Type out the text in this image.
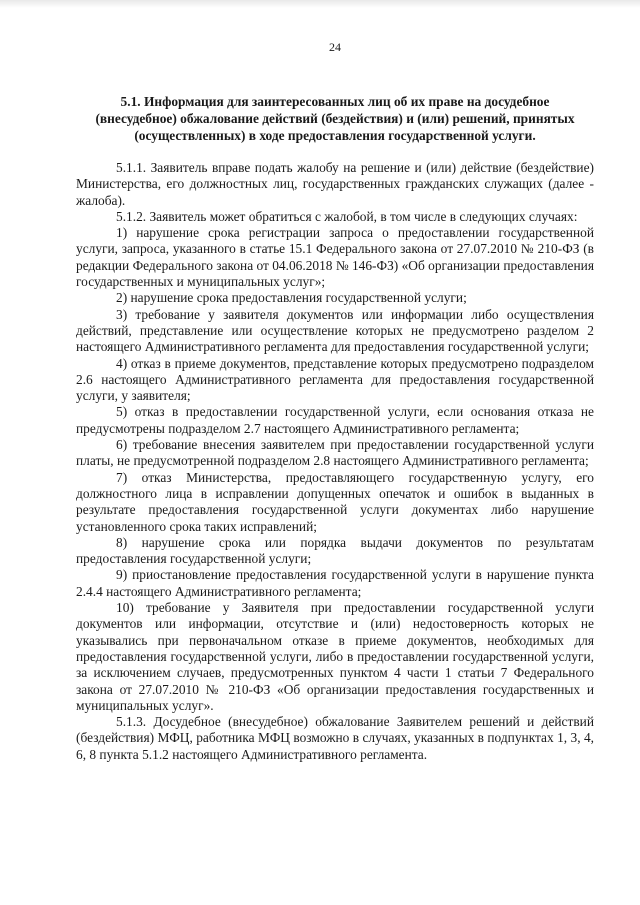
24
5.1. Информация для заинтересованных лиц об их праве на досудебное
(внесудебное) обжалование действий (бездействия) и (или) решений, принятых
(осуществленных) в ходе предоставления государственной услуги.

5.1.1. Заявитель вправе подать жалобу на решение и (или) действие (бездействие) Министерства, его должностных лиц, государственных гражданских служащих (далее - жалоба).

5.1.2. Заявитель может обратиться с жалобой, в том числе в следующих случаях:

1) нарушение срока регистрации запроса о предоставлении государственной услуги, запроса, указанного в статье 15.1 Федерального закона от 27.07.2010 № 210-ФЗ (в редакции Федерального закона от 04.06.2018 № 146-ФЗ) «Об организации предоставления государственных и муниципальных услуг»;

2) нарушение срока предоставления государственной услуги;

3) требование у заявителя документов или информации либо осуществления действий, представление или осуществление которых не предусмотрено разделом 2 настоящего Административного регламента для предоставления государственной услуги;

4) отказ в приеме документов, представление которых предусмотрено подразделом 2.6 настоящего Административного регламента для предоставления государственной услуги, у заявителя;

5) отказ в предоставлении государственной услуги, если основания отказа не предусмотрены подразделом 2.7 настоящего Административного регламента;

6) требование внесения заявителем при предоставлении государственной услуги платы, не предусмотренной подразделом 2.8 настоящего Административного регламента;

7) отказ Министерства, предоставляющего государственную услугу, его должностного лица в исправлении допущенных опечаток и ошибок в выданных в результате предоставления государственной услуги документах либо нарушение установленного срока таких исправлений;

8) нарушение срока или порядка выдачи документов по результатам предоставления государственной услуги;

9) приостановление предоставления государственной услуги в нарушение пункта 2.4.4 настоящего Административного регламента;

10) требование у Заявителя при предоставлении государственной услуги документов или информации, отсутствие и (или) недостоверность которых не указывались при первоначальном отказе в приеме документов, необходимых для предоставления государственной услуги, либо в предоставлении государственной услуги, за исключением случаев, предусмотренных пунктом 4 части 1 статьи 7 Федерального закона от 27.07.2010 № 210-ФЗ «Об организации предоставления государственных и муниципальных услуг».

5.1.3. Досудебное (внесудебное) обжалование Заявителем решений и действий (бездействия) МФЦ, работника МФЦ возможно в случаях, указанных в подпунктах 1, 3, 4, 6, 8 пункта 5.1.2 настоящего Административного регламента.
